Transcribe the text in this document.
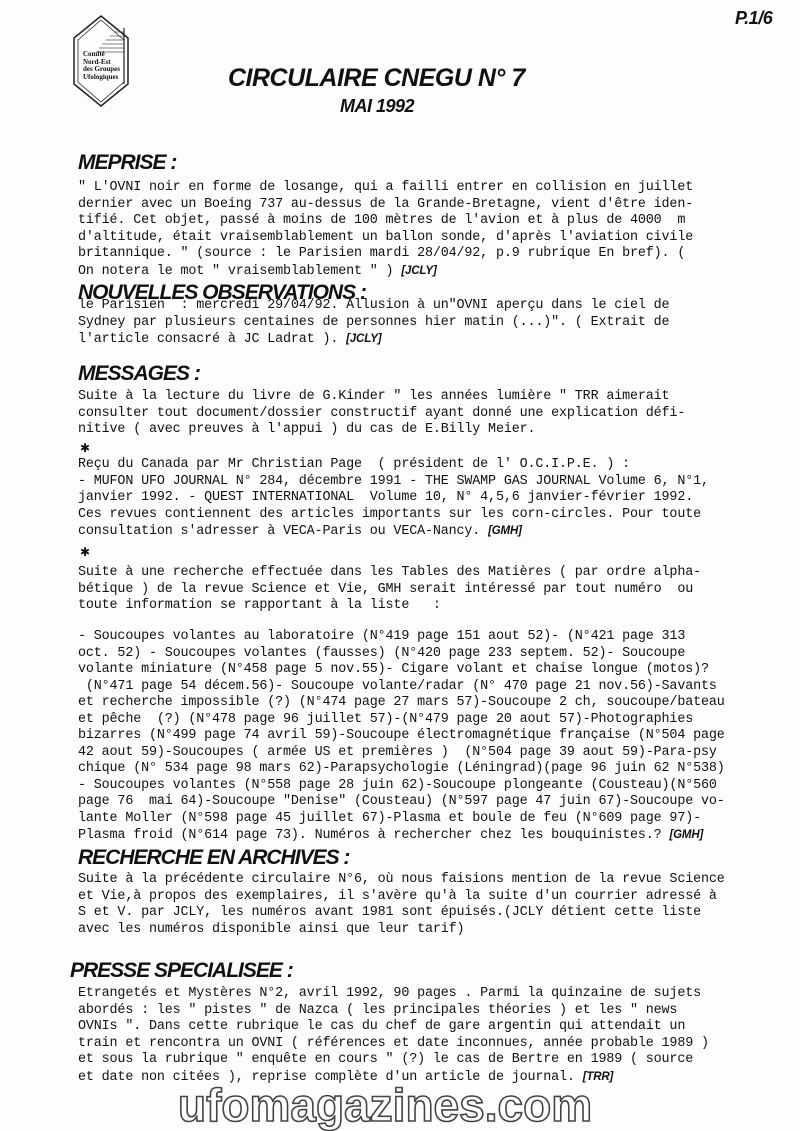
Comité
Nord-Est
des Groupes
Ufologiques
P.1/6
CIRCULAIRE CNEGU N° 7
MAI 1992
MEPRISE :
" L'OVNI noir en forme de losange, qui a failli entrer en collision en juillet
dernier avec un Boeing 737 au-dessus de la Grande-Bretagne, vient d'être iden-
tifié. Cet objet, passé à moins de 100 mètres de l'avion et à plus de 4000  m
d'altitude, était vraisemblablement un ballon sonde, d'après l'aviation civile
britannique. " (source : le Parisien mardi 28/04/92, p.9 rubrique En bref). (
On notera le mot " vraisemblablement " ) [JCLY]
NOUVELLES OBSERVATIONS :
le Parisien  : mercredi 29/04/92. Allusion à un"OVNI aperçu dans le ciel de
Sydney par plusieurs centaines de personnes hier matin (...)". ( Extrait de
l'article consacré à JC Ladrat ). [JCLY]
MESSAGES :
Suite à la lecture du livre de G.Kinder " les années lumière " TRR aimerait
consulter tout document/dossier constructif ayant donné une explication défi-
nitive ( avec preuves à l'appui ) du cas de E.Billy Meier.
Reçu du Canada par Mr Christian Page  ( président de l' O.C.I.P.E. ) :
- MUFON UFO JOURNAL N° 284, décembre 1991 - THE SWAMP GAS JOURNAL Volume 6, N°1,
janvier 1992. - QUEST INTERNATIONAL  Volume 10, N° 4,5,6 janvier-février 1992.
Ces revues contiennent des articles importants sur les corn-circles. Pour toute
consultation s'adresser à VECA-Paris ou VECA-Nancy. [GMH]
Suite à une recherche effectuée dans les Tables des Matières ( par ordre alpha-
bétique ) de la revue Science et Vie, GMH serait intéressé par tout numéro  ou
toute information se rapportant à la liste   :
- Soucoupes volantes au laboratoire (N°419 page 151 aout 52)- (N°421 page 313
oct. 52) - Soucoupes volantes (fausses) (N°420 page 233 septem. 52)- Soucoupe
volante miniature (N°458 page 5 nov.55)- Cigare volant et chaise longue (motos)?
(N°471 page 54 décem.56)- Soucoupe volante/radar (N° 470 page 21 nov.56)-Savants
et recherche impossible (?) (N°474 page 27 mars 57)-Soucoupe 2 ch, soucoupe/bateau
et pêche  (?) (N°478 page 96 juillet 57)-(N°479 page 20 aout 57)-Photographies
bizarres (N°499 page 74 avril 59)-Soucoupe électromagnétique française (N°504 page
42 aout 59)-Soucoupes ( armée US et premières )  (N°504 page 39 aout 59)-Para-psy
chique (N° 534 page 98 mars 62)-Parapsychologie (Léningrad)(page 96 juin 62 N°538)
- Soucoupes volantes (N°558 page 28 juin 62)-Soucoupe plongeante (Cousteau)(N°560
page 76  mai 64)-Soucoupe "Denise" (Cousteau) (N°597 page 47 juin 67)-Soucoupe vo-
lante Moller (N°598 page 45 juillet 67)-Plasma et boule de feu (N°609 page 97)-
Plasma froid (N°614 page 73). Numéros à rechercher chez les bouquinistes.? [GMH]
RECHERCHE EN ARCHIVES :
Suite à la précédente circulaire N°6, où nous faisions mention de la revue Science
et Vie,à propos des exemplaires, il s'avère qu'à la suite d'un courrier adressé à
S et V. par JCLY, les numéros avant 1981 sont épuisés.(JCLY détient cette liste
avec les numéros disponible ainsi que leur tarif)
PRESSE SPECIALISEE :
Etrangetés et Mystères N°2, avril 1992, 90 pages . Parmi la quinzaine de sujets
abordés : les " pistes " de Nazca ( les principales théories ) et les " news
OVNIs ". Dans cette rubrique le cas du chef de gare argentin qui attendait un
train et rencontra un OVNI ( références et date inconnues, année probable 1989 )
et sous la rubrique " enquête en cours " (?) le cas de Bertre en 1989 ( source
et date non citées ), reprise complète d'un article de journal. [TRR]
✱
✱
ufomagazines.com
